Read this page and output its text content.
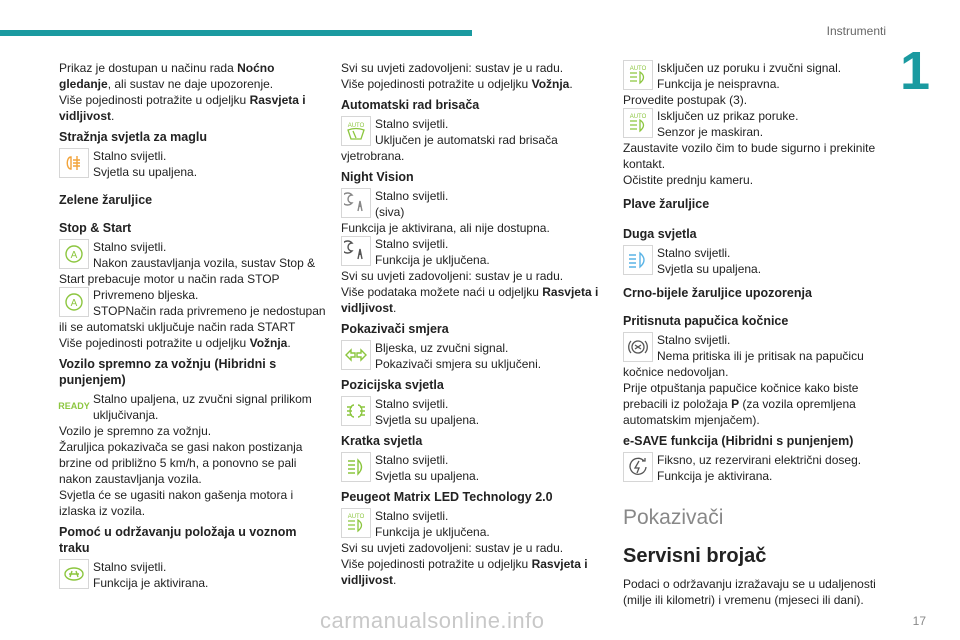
Instrumenti
1

Prikaz je dostupan u načinu rada Noćno gledanje, ali sustav ne daje upozorenje.
Više pojedinosti potražite u odjeljku Rasvjeta i vidljivost.

Stražnja svjetla za maglu

Stalno svijetli.

Svjetla su upaljena.

Zelene žaruljice
Stop & Start
A

Stalno svijetli.

Nakon zaustavljanja vozila, sustav Stop & Start prebacuje motor u način rada STOP

A

Privremeno bljeska.

STOPNačin rada privremeno je nedostupan ili se automatski uključuje način rada START

Više pojedinosti potražite u odjeljku Vožnja.

Vozilo spremno za vožnju (Hibridni s punjenjem)
READY Stalno upaljena, uz zvučni signal prilikom uključivanja.

Vozilo je spremno za vožnju.

Žaruljica pokazivača se gasi nakon postizanja brzine od približno 5 km/h, a ponovno se pali nakon zaustavljanja vozila.

Svjetla će se ugasiti nakon gašenja motora i izlaska iz vozila.

Pomoć u održavanju položaja u voznom traku

Stalno svijetli.

Funkcija je aktivirana.

Svi su uvjeti zadovoljeni: sustav je u radu.

Više pojedinosti potražite u odjeljku Vožnja.

Automatski rad brisača
AUTO Stalno svijetli.

Uključen je automatski rad brisača vjetrobrana.

Night Vision

Stalno svijetli.

(siva)

Funkcija je aktivirana, ali nije dostupna.

Stalno svijetli.

Funkcija je uključena.

Svi su uvjeti zadovoljeni: sustav je u radu.

Više podataka možete naći u odjeljku Rasvjeta i vidljivost.

Pokazivači smjera

Bljeska, uz zvučni signal.

Pokazivači smjera su uključeni.

Pozicijska svjetla

Stalno svijetli.

Svjetla su upaljena.

Kratka svjetla

Stalno svijetli.

Svjetla su upaljena.

Peugeot Matrix LED Technology 2.0
AUTO Stalno svijetli.

Funkcija je uključena.

Svi su uvjeti zadovoljeni: sustav je u radu.

Više pojedinosti potražite u odjeljku Rasvjeta i vidljivost.

AUTO Isključen uz poruku i zvučni signal.

Funkcija je neispravna.

Provedite postupak (3).

AUTO Isključen uz prikaz poruke.

Senzor je maskiran.

Zaustavite vozilo čim to bude sigurno i prekinite kontakt.

Očistite prednju kameru.

Plave žaruljice
Duga svjetla

Stalno svijetli.

Svjetla su upaljena.

Crno-bijele žaruljice upozorenja
Pritisnuta papučica kočnice

Stalno svijetli.

Nema pritiska ili je pritisak na papučicu kočnice nedovoljan.

Prije otpuštanja papučice kočnice kako biste prebacili iz položaja P (za vozila opremljena automatskim mjenjačem).

e-SAVE funkcija (Hibridni s punjenjem)

Fiksno, uz rezervirani električni doseg.

Funkcija je aktivirana.

Pokazivači
Servisni brojač

Podaci o održavanju izražavaju se u udaljenosti (milje ili kilometri) i vremenu (mjeseci ili dani).

carmanualsonline.info	17
